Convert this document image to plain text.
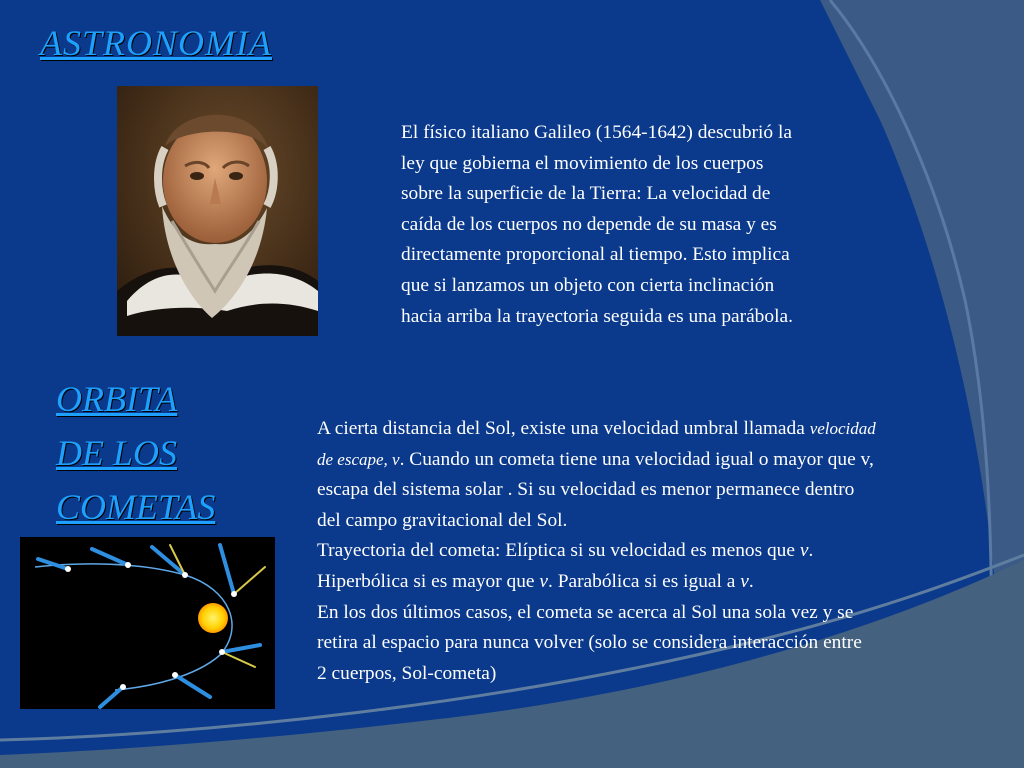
ASTRONOMIA
ORBITA
DE LOS
COMETAS
El físico italiano Galileo (1564-1642) descubrió la
ley que gobierna el movimiento de los cuerpos
sobre la superficie de la Tierra: La velocidad de
caída de los cuerpos no depende de su masa y es
directamente proporcional al tiempo. Esto implica
que si lanzamos un objeto con cierta inclinación
hacia arriba la trayectoria seguida es una parábola.
A cierta distancia del Sol, existe una velocidad umbral llamada velocidad
de escape, v. Cuando un cometa tiene una velocidad igual o mayor que v,
escapa del sistema solar . Si su velocidad es menor permanece dentro
del campo gravitacional del Sol.
Trayectoria del cometa: Elíptica si su velocidad es menos que v.
Hiperbólica si es mayor que v. Parabólica si es igual a v.
En los dos últimos casos, el cometa se acerca al Sol una sola vez y se
retira al espacio para nunca volver (solo se considera interacción entre
2 cuerpos, Sol-cometa)
